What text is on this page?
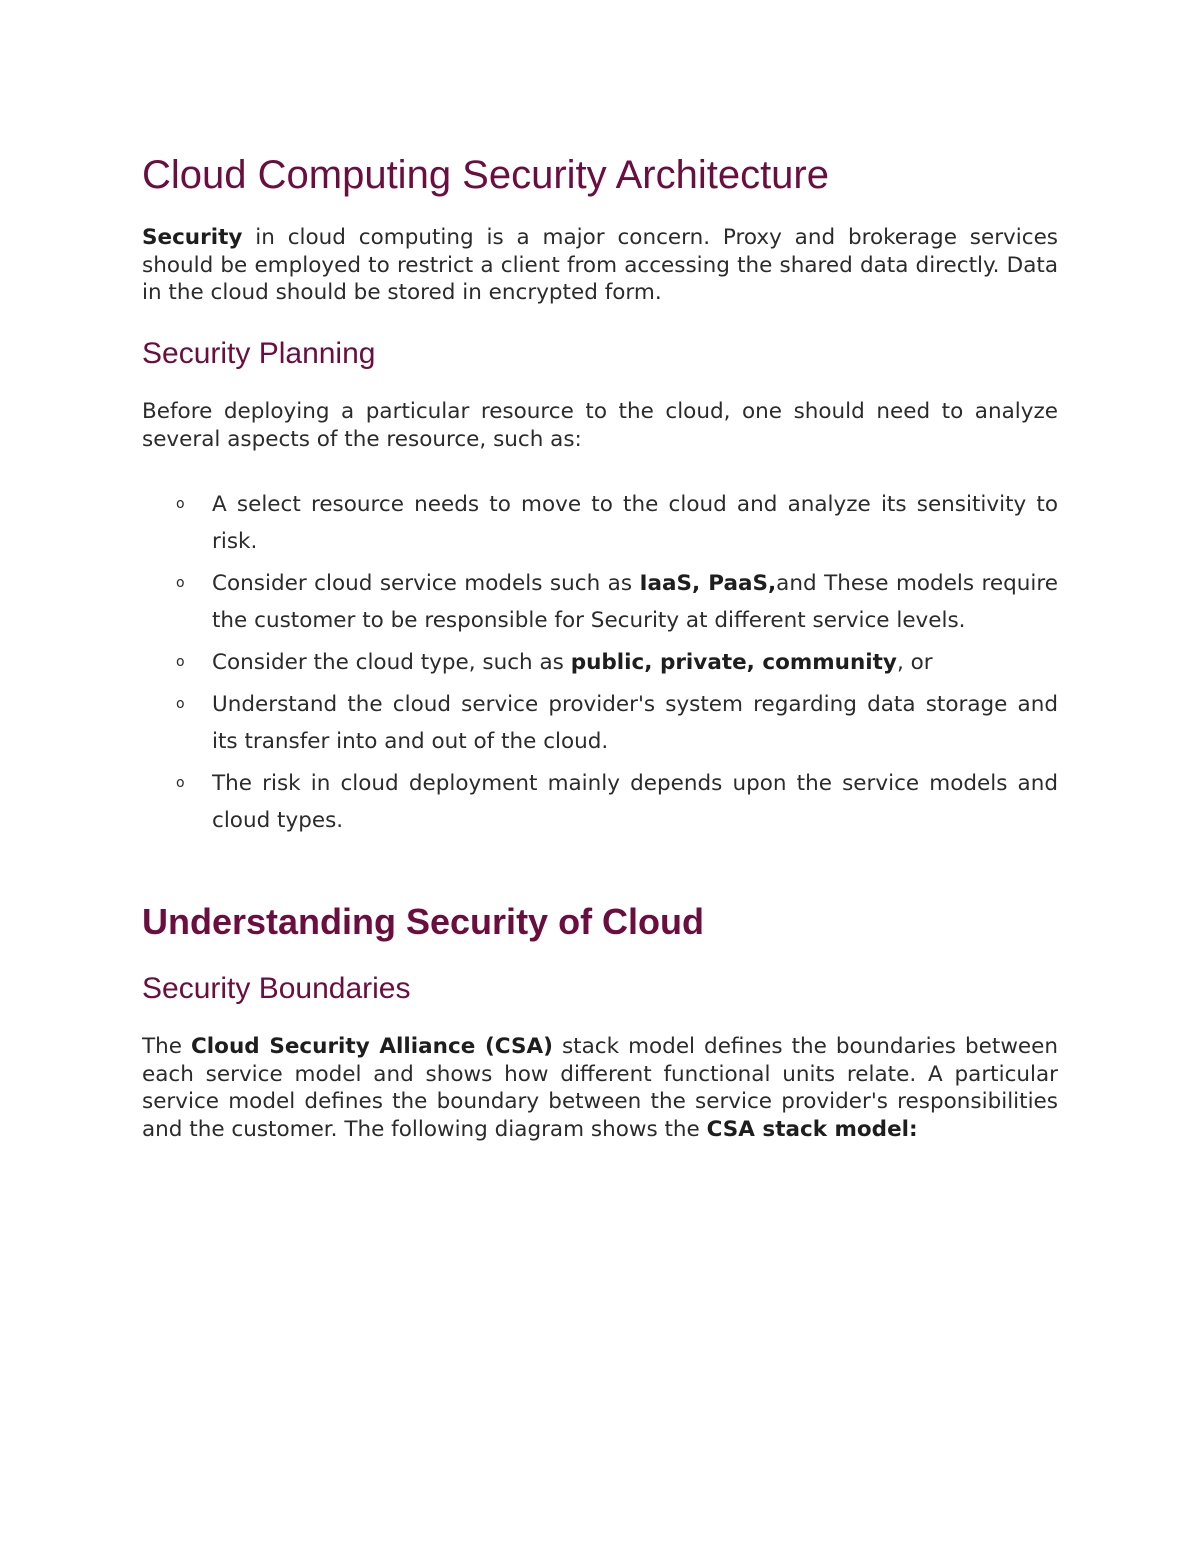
Cloud Computing Security Architecture

Security in cloud computing is a major concern. Proxy and brokerage services should be employed to restrict a client from accessing the shared data directly. Data in the cloud should be stored in encrypted form.

Security Planning

Before deploying a particular resource to the cloud, one should need to analyze several aspects of the resource, such as:

o A select resource needs to move to the cloud and analyze its sensitivity to risk.
o Consider cloud service models such as IaaS, PaaS,and These models require the customer to be responsible for Security at different service levels.
o Consider the cloud type, such as public, private, community, or
o Understand the cloud service provider's system regarding data storage and its transfer into and out of the cloud.
o The risk in cloud deployment mainly depends upon the service models and cloud types.
Understanding Security of Cloud
Security Boundaries

The Cloud Security Alliance (CSA) stack model defines the boundaries between each service model and shows how different functional units relate. A particular service model defines the boundary between the service provider's responsibilities and the customer. The following diagram shows the CSA stack model:
